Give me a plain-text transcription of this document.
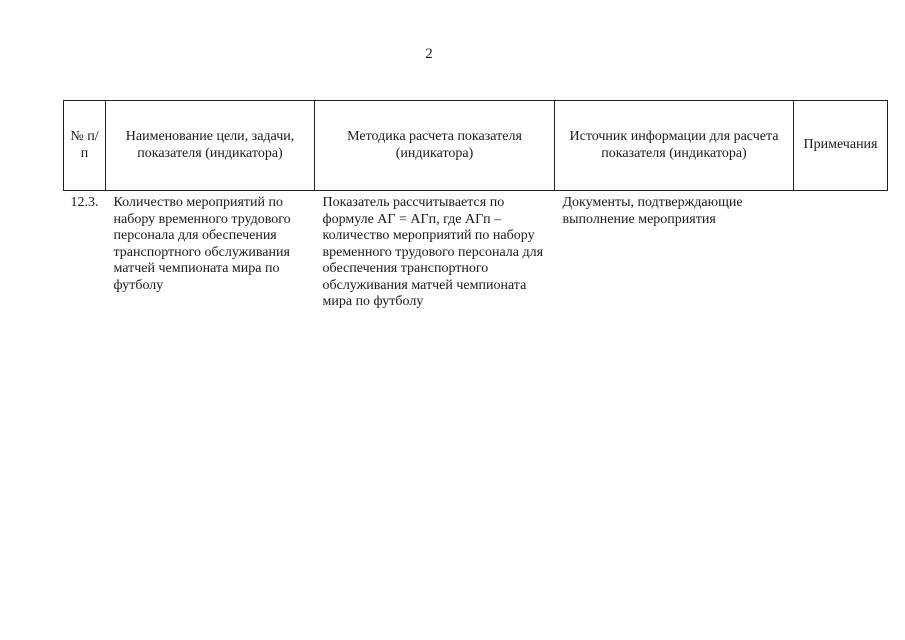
2
№ п/п	Наименование цели, задачи, показателя (индикатора)	Методика расчета показателя (индикатора)	Источник информации для расчета показателя (индикатора)	Примечания
12.3.	Количество мероприятий по набору временного трудового персонала для обеспечения транспортного обслуживания матчей чемпионата мира по футболу	Показатель рассчитывается по формуле АГ = АГп, где АГп – количество мероприятий по набору временного трудового персонала для обеспечения транспортного обслуживания матчей чемпионата мира по футболу	Документы, подтверждающие выполнение мероприятия	
